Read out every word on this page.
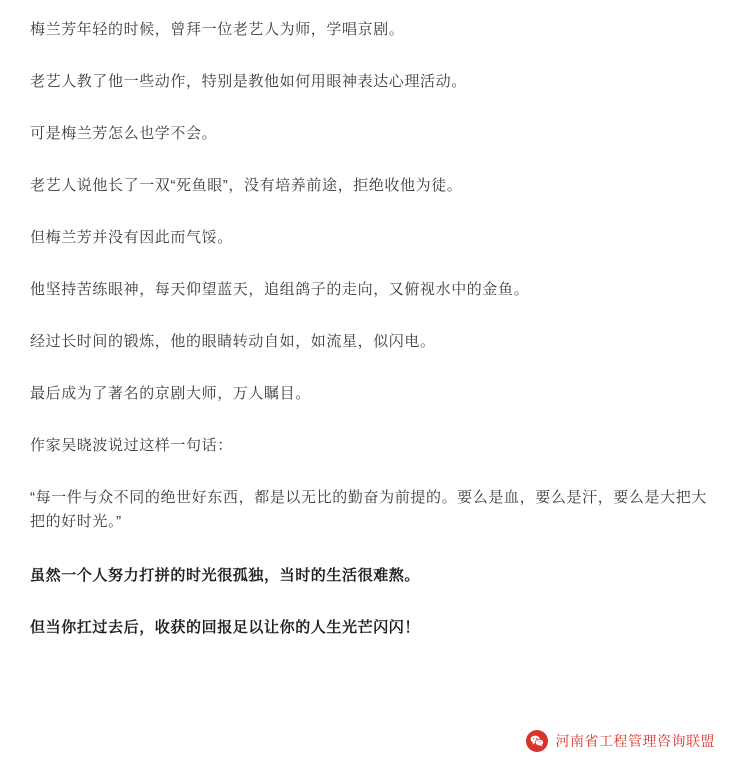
梅兰芳年轻的时候，曾拜一位老艺人为师，学唱京剧。

老艺人教了他一些动作，特别是教他如何用眼神表达心理活动。

可是梅兰芳怎么也学不会。

老艺人说他长了一双“死鱼眼”，没有培养前途，拒绝收他为徒。

但梅兰芳并没有因此而气馁。

他坚持苦练眼神，每天仰望蓝天，追组鸽子的走向，又俯视水中的金鱼。

经过长时间的锻炼，他的眼睛转动自如，如流星，似闪电。

最后成为了著名的京剧大师，万人瞩目。

作家吴晓波说过这样一句话：

“每一件与众不同的绝世好东西，都是以无比的勤奋为前提的。要么是血，要么是汗，要么是大把大把的好时光。”

虽然一个人努力打拼的时光很孤独，当时的生活很难熬。

但当你扛过去后，收获的回报足以让你的人生光芒闪闪！

河南省工程管理咨询联盟
